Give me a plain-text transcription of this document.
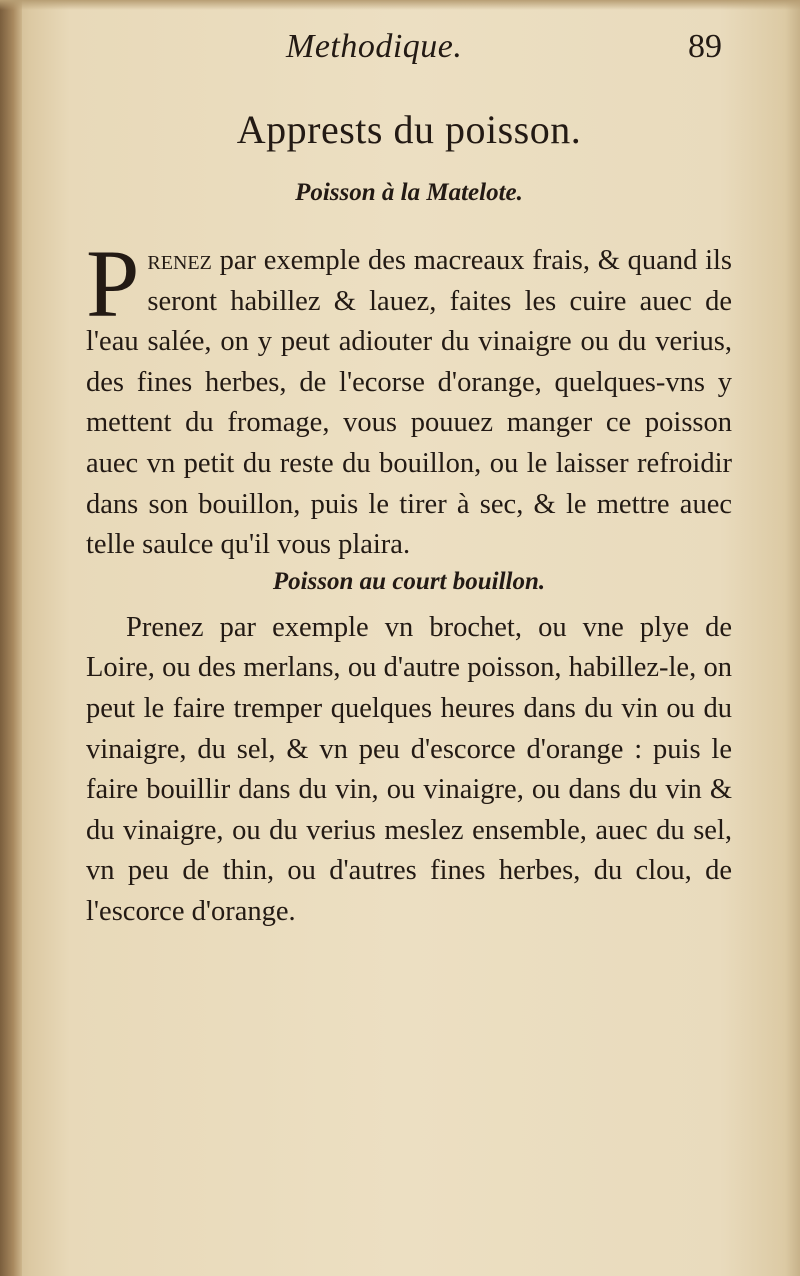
Methodique.	89
Apprests du poisson.
Poisson à la Matelote.

Prenez par exemple des macreaux frais, & quand ils seront habillez & lauez, faites les cuire auec de l'eau salée, on y peut adiouter du vinaigre ou du verius, des fines herbes, de l'ecorse d'orange, quelques-vns y mettent du fromage, vous pouuez manger ce poisson auec vn petit du reste du bouillon, ou le laisser refroidir dans son bouillon, puis le tirer à sec, & le mettre auec telle saulce qu'il vous plaira.

Poisson au court bouillon.

Prenez par exemple vn brochet, ou vne plye de Loire, ou des merlans, ou d'autre poisson, habillez-le, on peut le faire tremper quelques heures dans du vin ou du vinaigre, du sel, & vn peu d'escorce d'orange : puis le faire bouillir dans du vin, ou vinaigre, ou dans du vin & du vinaigre, ou du verius meslez ensemble, auec du sel, vn peu de thin, ou d'autres fines herbes, du clou, de l'escorce d'orange.
